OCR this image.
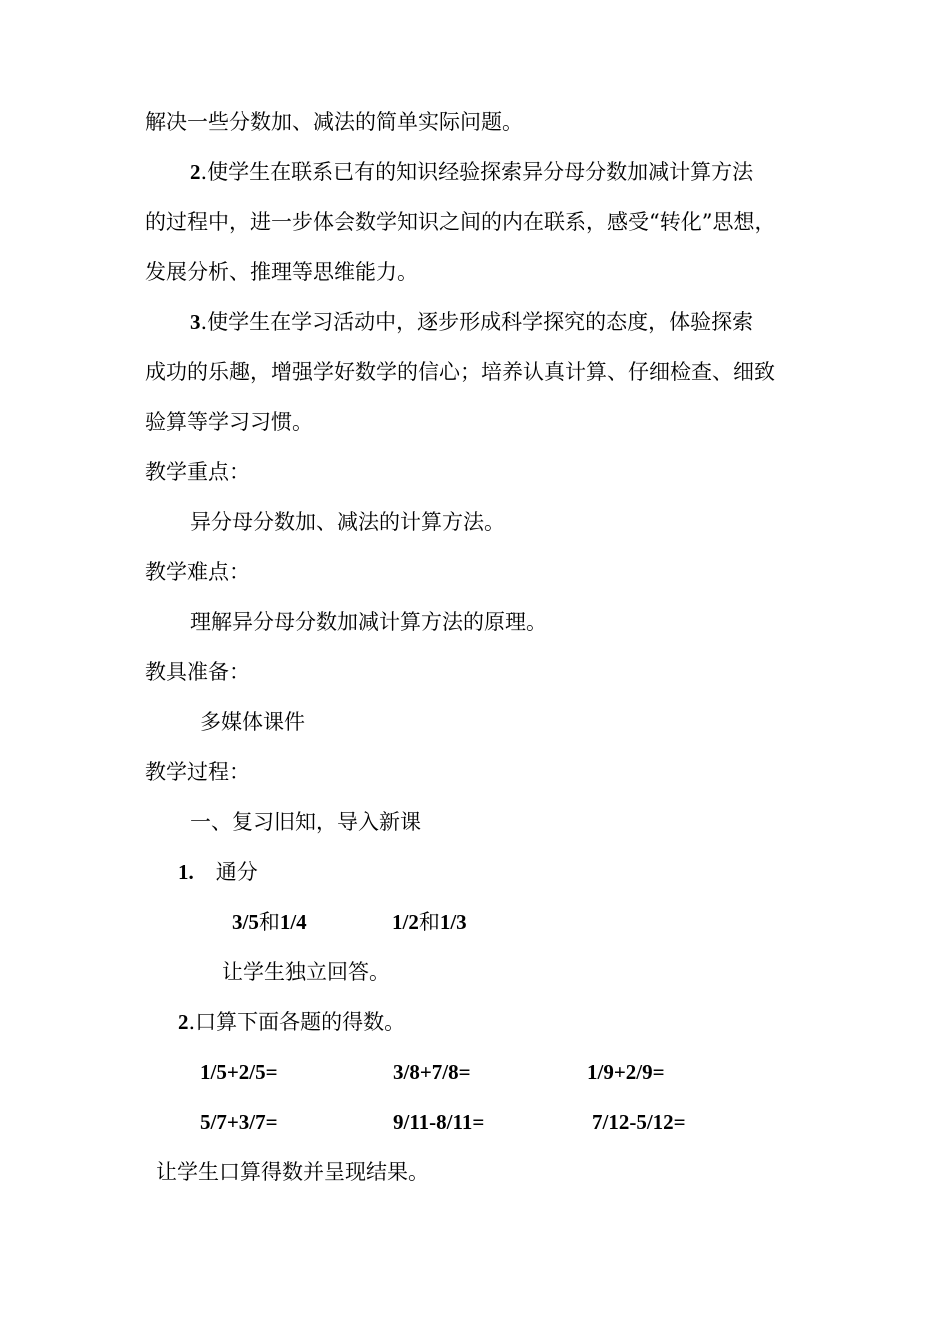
解决一些分数加、减法的简单实际问题。
2.使学生在联系已有的知识经验探索异分母分数加减计算方法
的过程中，进一步体会数学知识之间的内在联系，感受“转化”思想，
发展分析、推理等思维能力。
3.使学生在学习活动中，逐步形成科学探究的态度，体验探索
成功的乐趣，增强学好数学的信心；培养认真计算、仔细检查、细致
验算等学习习惯。
教学重点：
异分母分数加、减法的计算方法。
教学难点：
理解异分母分数加减计算方法的原理。
教具准备：
多媒体课件
教学过程：
一、复习旧知，导入新课
1. 通分
3/5和1/4	1/2和1/3
让学生独立回答。
2.口算下面各题的得数。
1/5+2/5=	3/8+7/8=	1/9+2/9=
5/7+3/7=	9/11-8/11=	7/12-5/12=
让学生口算得数并呈现结果。
